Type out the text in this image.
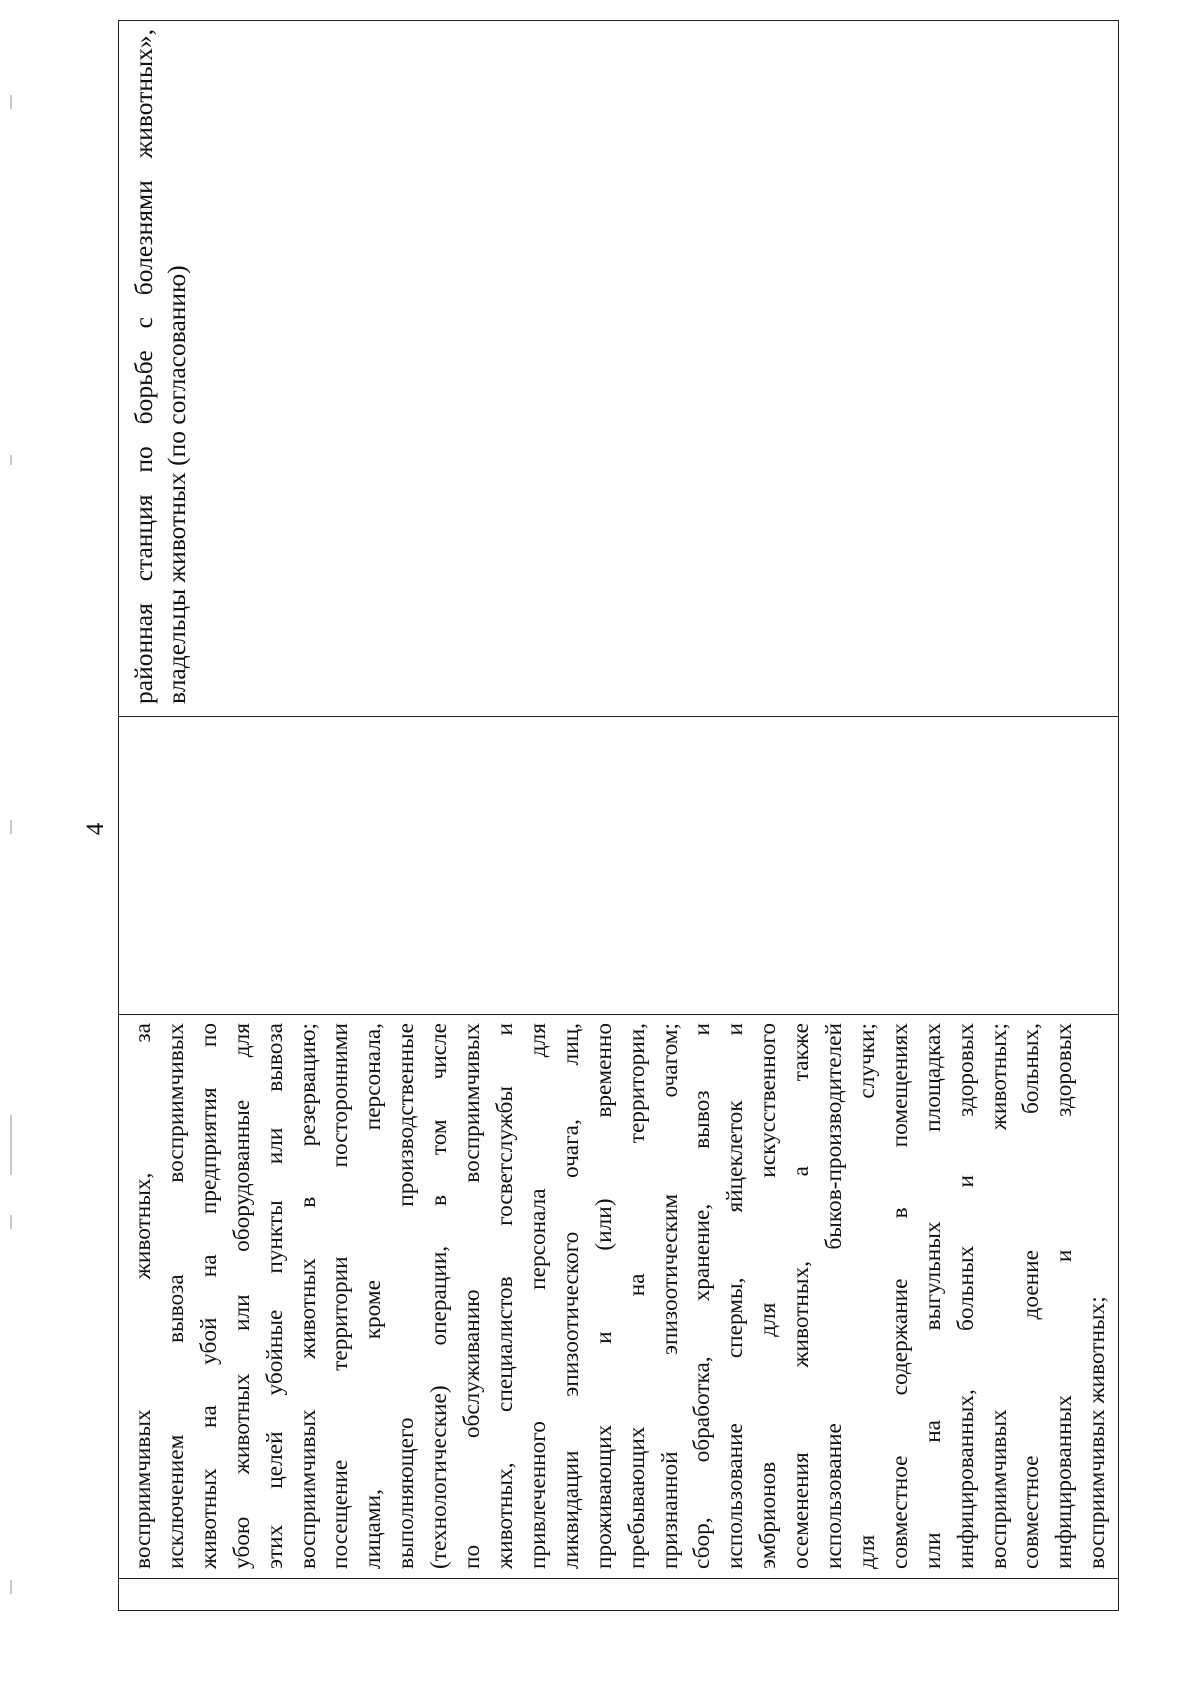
4

восприимчивых животных, за исключением вывоза восприимчивых животных на убой на предприятия по убою животных или оборудованные для этих целей убойные пункты или вывоза восприимчивых животных в резервацию; посещение территории посторонними лицами, кроме персонала, выполняющего производственные (технологические) операции, в том числе по обслуживанию восприимчивых животных, специалистов госветслужбы и привлеченного персонала для ликвидации эпизоотического очага, лиц, проживающих и (или) временно пребывающих на территории, признанной эпизоотическим очагом; сбор, обработка, хранение, вывоз и использование спермы, яйцеклеток и эмбрионов для искусственного осеменения животных, а также использование быков-производителей для случки; совместное содержание в помещениях или на выгульных площадках инфицированных, больных и здоровых восприимчивых животных; совместное доение больных, инфицированных и здоровых восприимчивых животных;

районная станция по борьбе с болезнями животных», владельцы животных (по согласованию)
